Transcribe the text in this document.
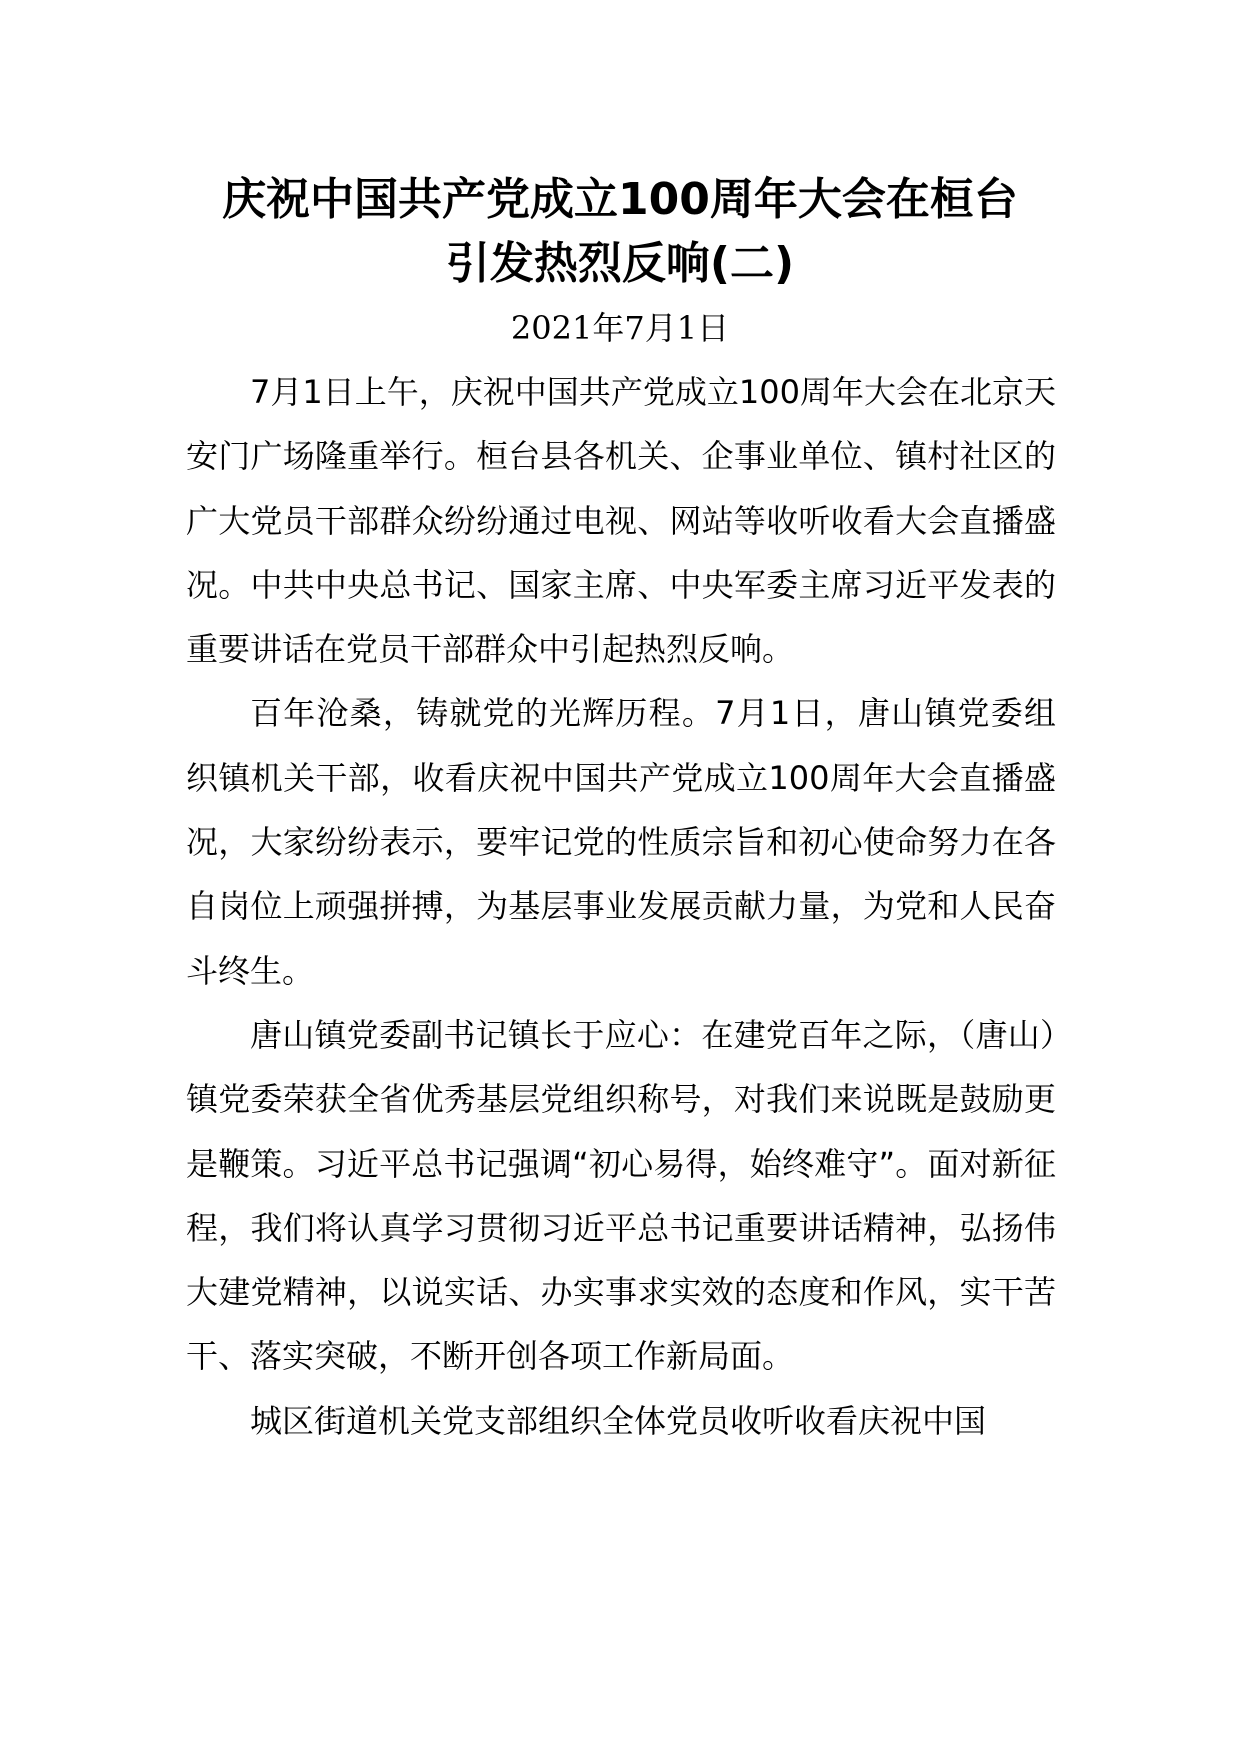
庆祝中国共产党成立100周年大会在桓台
引发热烈反响(二)
2021年7月1日

7月1日上午，庆祝中国共产党成立100周年大会在北京天安门广场隆重举行。桓台县各机关、企事业单位、镇村社区的广大党员干部群众纷纷通过电视、网站等收听收看大会直播盛况。中共中央总书记、国家主席、中央军委主席习近平发表的重要讲话在党员干部群众中引起热烈反响。

百年沧桑，铸就党的光辉历程。7月1日，唐山镇党委组织镇机关干部，收看庆祝中国共产党成立100周年大会直播盛况，大家纷纷表示，要牢记党的性质宗旨和初心使命努力在各自岗位上顽强拼搏，为基层事业发展贡献力量，为党和人民奋斗终生。

唐山镇党委副书记镇长于应心：在建党百年之际，（唐山）镇党委荣获全省优秀基层党组织称号，对我们来说既是鼓励更是鞭策。习近平总书记强调“初心易得，始终难守”。面对新征程，我们将认真学习贯彻习近平总书记重要讲话精神，弘扬伟大建党精神，以说实话、办实事求实效的态度和作风，实干苦干、落实突破，不断开创各项工作新局面。

城区街道机关党支部组织全体党员收听收看庆祝中国
